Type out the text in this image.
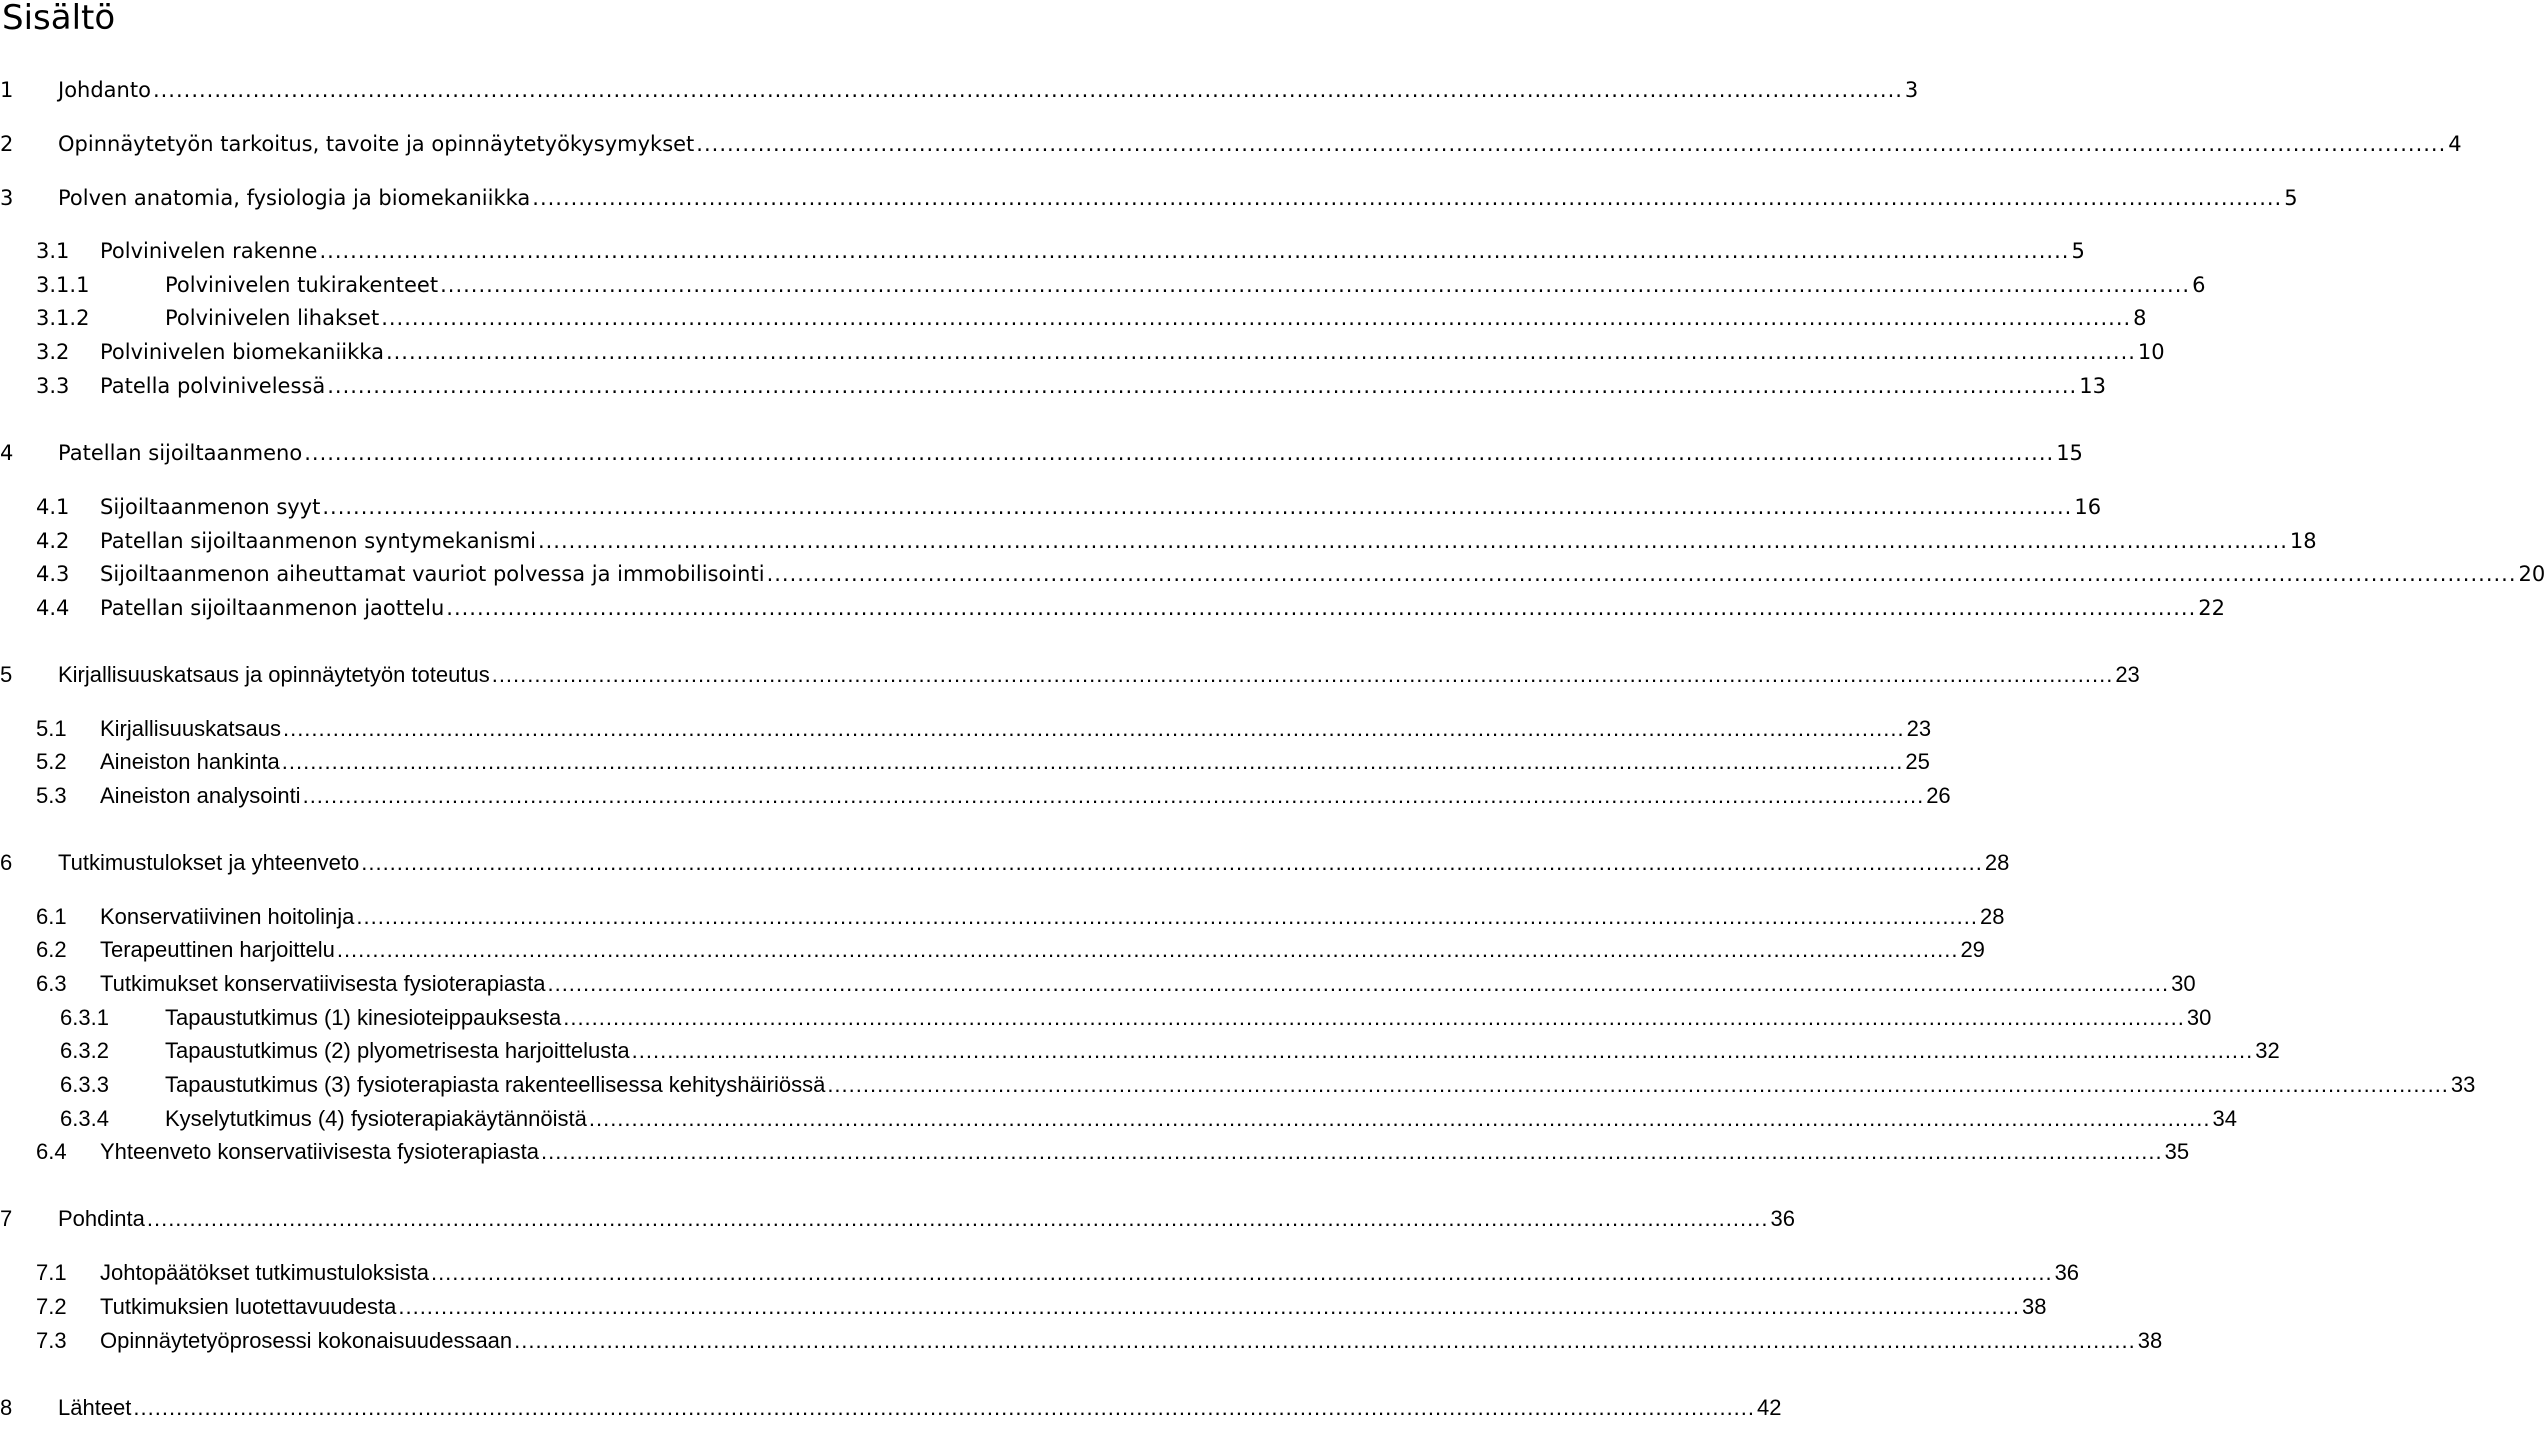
Sisältö
1	Johdanto .................................................................................................................................................................................................................................... 3
2	Opinnäytetyön tarkoitus, tavoite ja opinnäytetyökysymykset .................................................................................................................................................................................................................................... 4
3	Polven anatomia, fysiologia ja biomekaniikka .................................................................................................................................................................................................................................... 5
3.1	Polvinivelen rakenne .................................................................................................................................................................................................................................... 5
3.1.1	Polvinivelen tukirakenteet .................................................................................................................................................................................................................................... 6
3.1.2	Polvinivelen lihakset .................................................................................................................................................................................................................................... 8
3.2	Polvinivelen biomekaniikka .................................................................................................................................................................................................................................... 10
3.3	Patella polvinivelessä .................................................................................................................................................................................................................................... 13
4	Patellan sijoiltaanmeno .................................................................................................................................................................................................................................... 15
4.1	Sijoiltaanmenon syyt .................................................................................................................................................................................................................................... 16
4.2	Patellan sijoiltaanmenon syntymekanismi .................................................................................................................................................................................................................................... 18
4.3	Sijoiltaanmenon aiheuttamat vauriot polvessa ja immobilisointi .................................................................................................................................................................................................................................... 20
4.4	Patellan sijoiltaanmenon jaottelu .................................................................................................................................................................................................................................... 22
5	Kirjallisuuskatsaus ja opinnäytetyön toteutus .................................................................................................................................................................................................................................... 23
5.1	Kirjallisuuskatsaus .................................................................................................................................................................................................................................... 23
5.2	Aineiston hankinta .................................................................................................................................................................................................................................... 25
5.3	Aineiston analysointi .................................................................................................................................................................................................................................... 26
6	Tutkimustulokset ja yhteenveto .................................................................................................................................................................................................................................... 28
6.1	Konservatiivinen hoitolinja .................................................................................................................................................................................................................................... 28
6.2	Terapeuttinen harjoittelu .................................................................................................................................................................................................................................... 29
6.3	Tutkimukset konservatiivisesta fysioterapiasta .................................................................................................................................................................................................................................... 30
6.3.1	Tapaustutkimus (1) kinesioteippauksesta .................................................................................................................................................................................................................................... 30
6.3.2	Tapaustutkimus (2) plyometrisesta harjoittelusta .................................................................................................................................................................................................................................... 32
6.3.3	Tapaustutkimus (3) fysioterapiasta rakenteellisessa kehityshäiriössä .................................................................................................................................................................................................................................... 33
6.3.4	Kyselytutkimus (4) fysioterapiakäytännöistä .................................................................................................................................................................................................................................... 34
6.4	Yhteenveto konservatiivisesta fysioterapiasta .................................................................................................................................................................................................................................... 35
7	Pohdinta .................................................................................................................................................................................................................................... 36
7.1	Johtopäätökset tutkimustuloksista .................................................................................................................................................................................................................................... 36
7.2	Tutkimuksien luotettavuudesta .................................................................................................................................................................................................................................... 38
7.3	Opinnäytetyöprosessi kokonaisuudessaan .................................................................................................................................................................................................................................... 38
8	Lähteet .................................................................................................................................................................................................................................... 42
